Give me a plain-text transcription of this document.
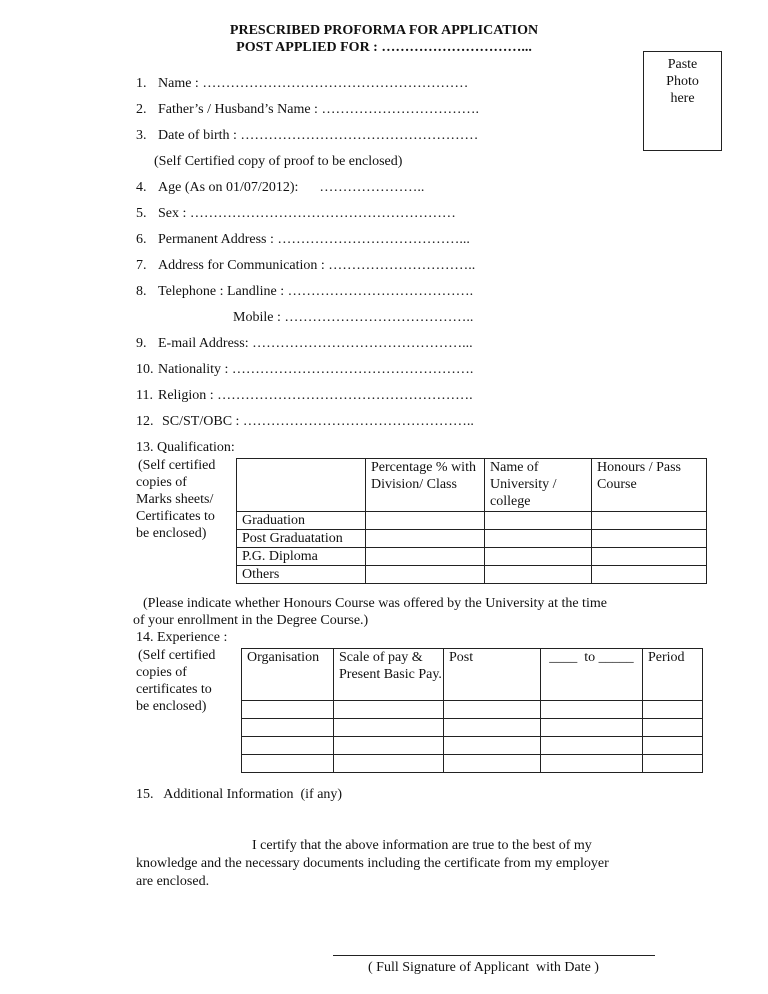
PRESCRIBED PROFORMA FOR APPLICATION
POST APPLIED FOR : …………………………...
Paste
Photo
here
1. Name : …………………………………………………
2. Father’s / Husband’s Name : …………………………….
3. Date of birth : ……………………………………………
(Self Certified copy of proof to be enclosed)
4. Age (As on 01/07/2012):      …………………..
5. Sex : …………………………………………………
6. Permanent Address : …………………………………...
7. Address for Communication : …………………………..
8. Telephone : Landline : ………………………………….
Mobile : …………………………………..
9. E-mail Address: ………………………………………...
10. Nationality : …………………………………………….
11. Religion : ……………………………………………….
12. SC/ST/OBC : …………………………………………..
13. Qualification:
(Self certified
copies of
Marks sheets/
Certificates to
be enclosed)
	Percentage % with Division/ Class	Name of University / college	Honours / Pass Course
Graduation			
Post Graduatation			
P.G. Diploma			
Others			
(Please indicate whether Honours Course was offered by the University at the time
of your enrollment in the Degree Course.)
14. Experience :
(Self certified
copies of
certificates to
be enclosed)
Organisation	Scale of pay & Present Basic Pay.	Post	____  to _____	Period

15.   Additional Information  (if any)
I certify that the above information are true to the best of my
knowledge and the necessary documents including the certificate from my employer
are enclosed.
( Full Signature of Applicant  with Date )
